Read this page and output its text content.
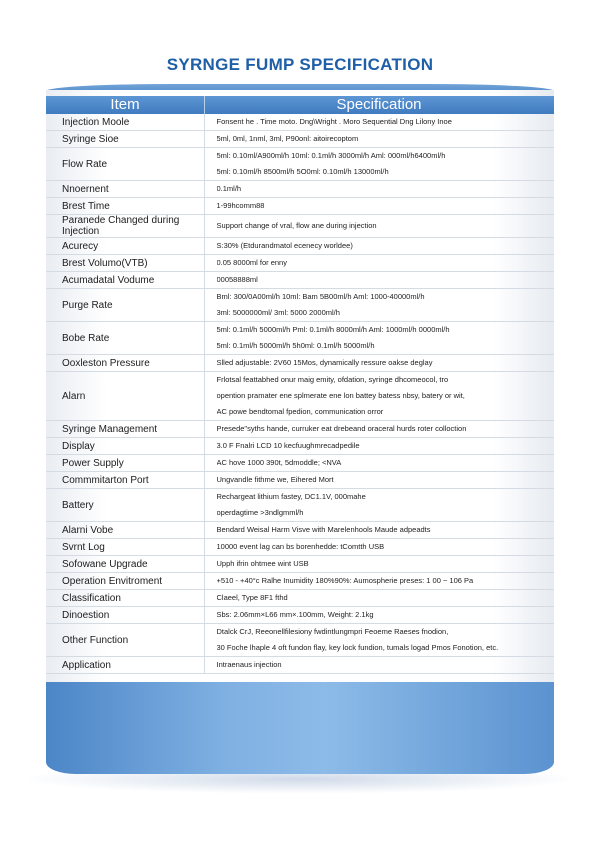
SYRNGE FUMP SPECIFICATION
Item	Specification
Injection Moole	Fonsent he . Time moto. Dng\Wright . Moro Sequential Dng Lilony Inoe

Syringe Sioe	5ml, 0ml, 1nml, 3ml, P90onl: aitoirecoptom

Flow Rate	5ml: 0.10ml/A900ml/h 10ml: 0.1ml/h 3000ml/h Aml: 000ml/h6400ml/h
5ml: 0.10ml/h 8500ml/h 5O0ml: 0.10ml/h 13000ml/h

Nnoernent	0.1ml/h

Brest Time	1-99hcomm88

Paranede Changed during Injection	Support change of vral, flow ane during injection

Acurecy	S:30% (Etdurandmatol ecenecy worldee)

Brest Volumo(VTB)	0.05 8000ml for enny

Acumadatal Vodume	00058888ml

Purge Rate	Bml: 300/0A00ml/h 10ml: Bam 5B00ml/h Aml: 1000-40000ml/h
3ml: 5000000ml/ 3ml: 5000 2000ml/h

Bobe Rate	5ml: 0.1ml/h 5000ml/h Pml: 0.1ml/h 8000ml/h Aml: 1000ml/h 0000ml/h
5ml: 0.1ml/h 5000ml/h 5h0ml: 0.1ml/h 5000ml/h

Ooxleston Pressure	Slled adjustable: 2V60 15Mos, dynamically ressure oakse deglay

Alarn	Frlotsal feattabhed onur maig emity, ofdation, syringe dhcomeocol, tro
opention pramater ene splmerate ene lon battey batess nbsy, batery or wit,
AC powe bendtomal fpedion, communication orror

Syringe Management	Presede"syths hande, curruker eat drebeand oraceral hurds roter colloction

Display	3.0 F Fnalri LCD 10 kecfuughmrecadpedile

Power Supply	AC hove 1000 390t, 5dmoddle; <NVA

Commmitarton Port	Ungvandle fithme we, Eihered Mort

Battery	Rechargeat lithium fastey, DC1.1V, 000mahe
operdagtime >3ndlgmml/h

Alarni Vobe	Bendard Weisal Harm Visve with Marelenhools Maude adpeadts

Svrnt Log	10000 event lag can bs borenhedde: tComtth USB

Sofowane Upgrade	Upph ifrin ohtmee wint USB

Operation Envitroment	+510 - +40°c Ralhe Inumidity 180%90%: Aumospherie preses: 1 00 ~ 106 Pa

Classification	Claeel, Type 8F1 fthd

Dinoestion	Sbs: 2.06mm×L66 mm×.100mm, Weight: 2.1kg

Other Function	Dtalck CrJ, Reeonellfilesiony fwdintlungmpri Feoeme Raeses fnodion,
30 Foche lhaple 4 oft fundon flay, key lock fundion, tumals logad Pmos Fonotion, etc.

Application	Intraenaus injection
